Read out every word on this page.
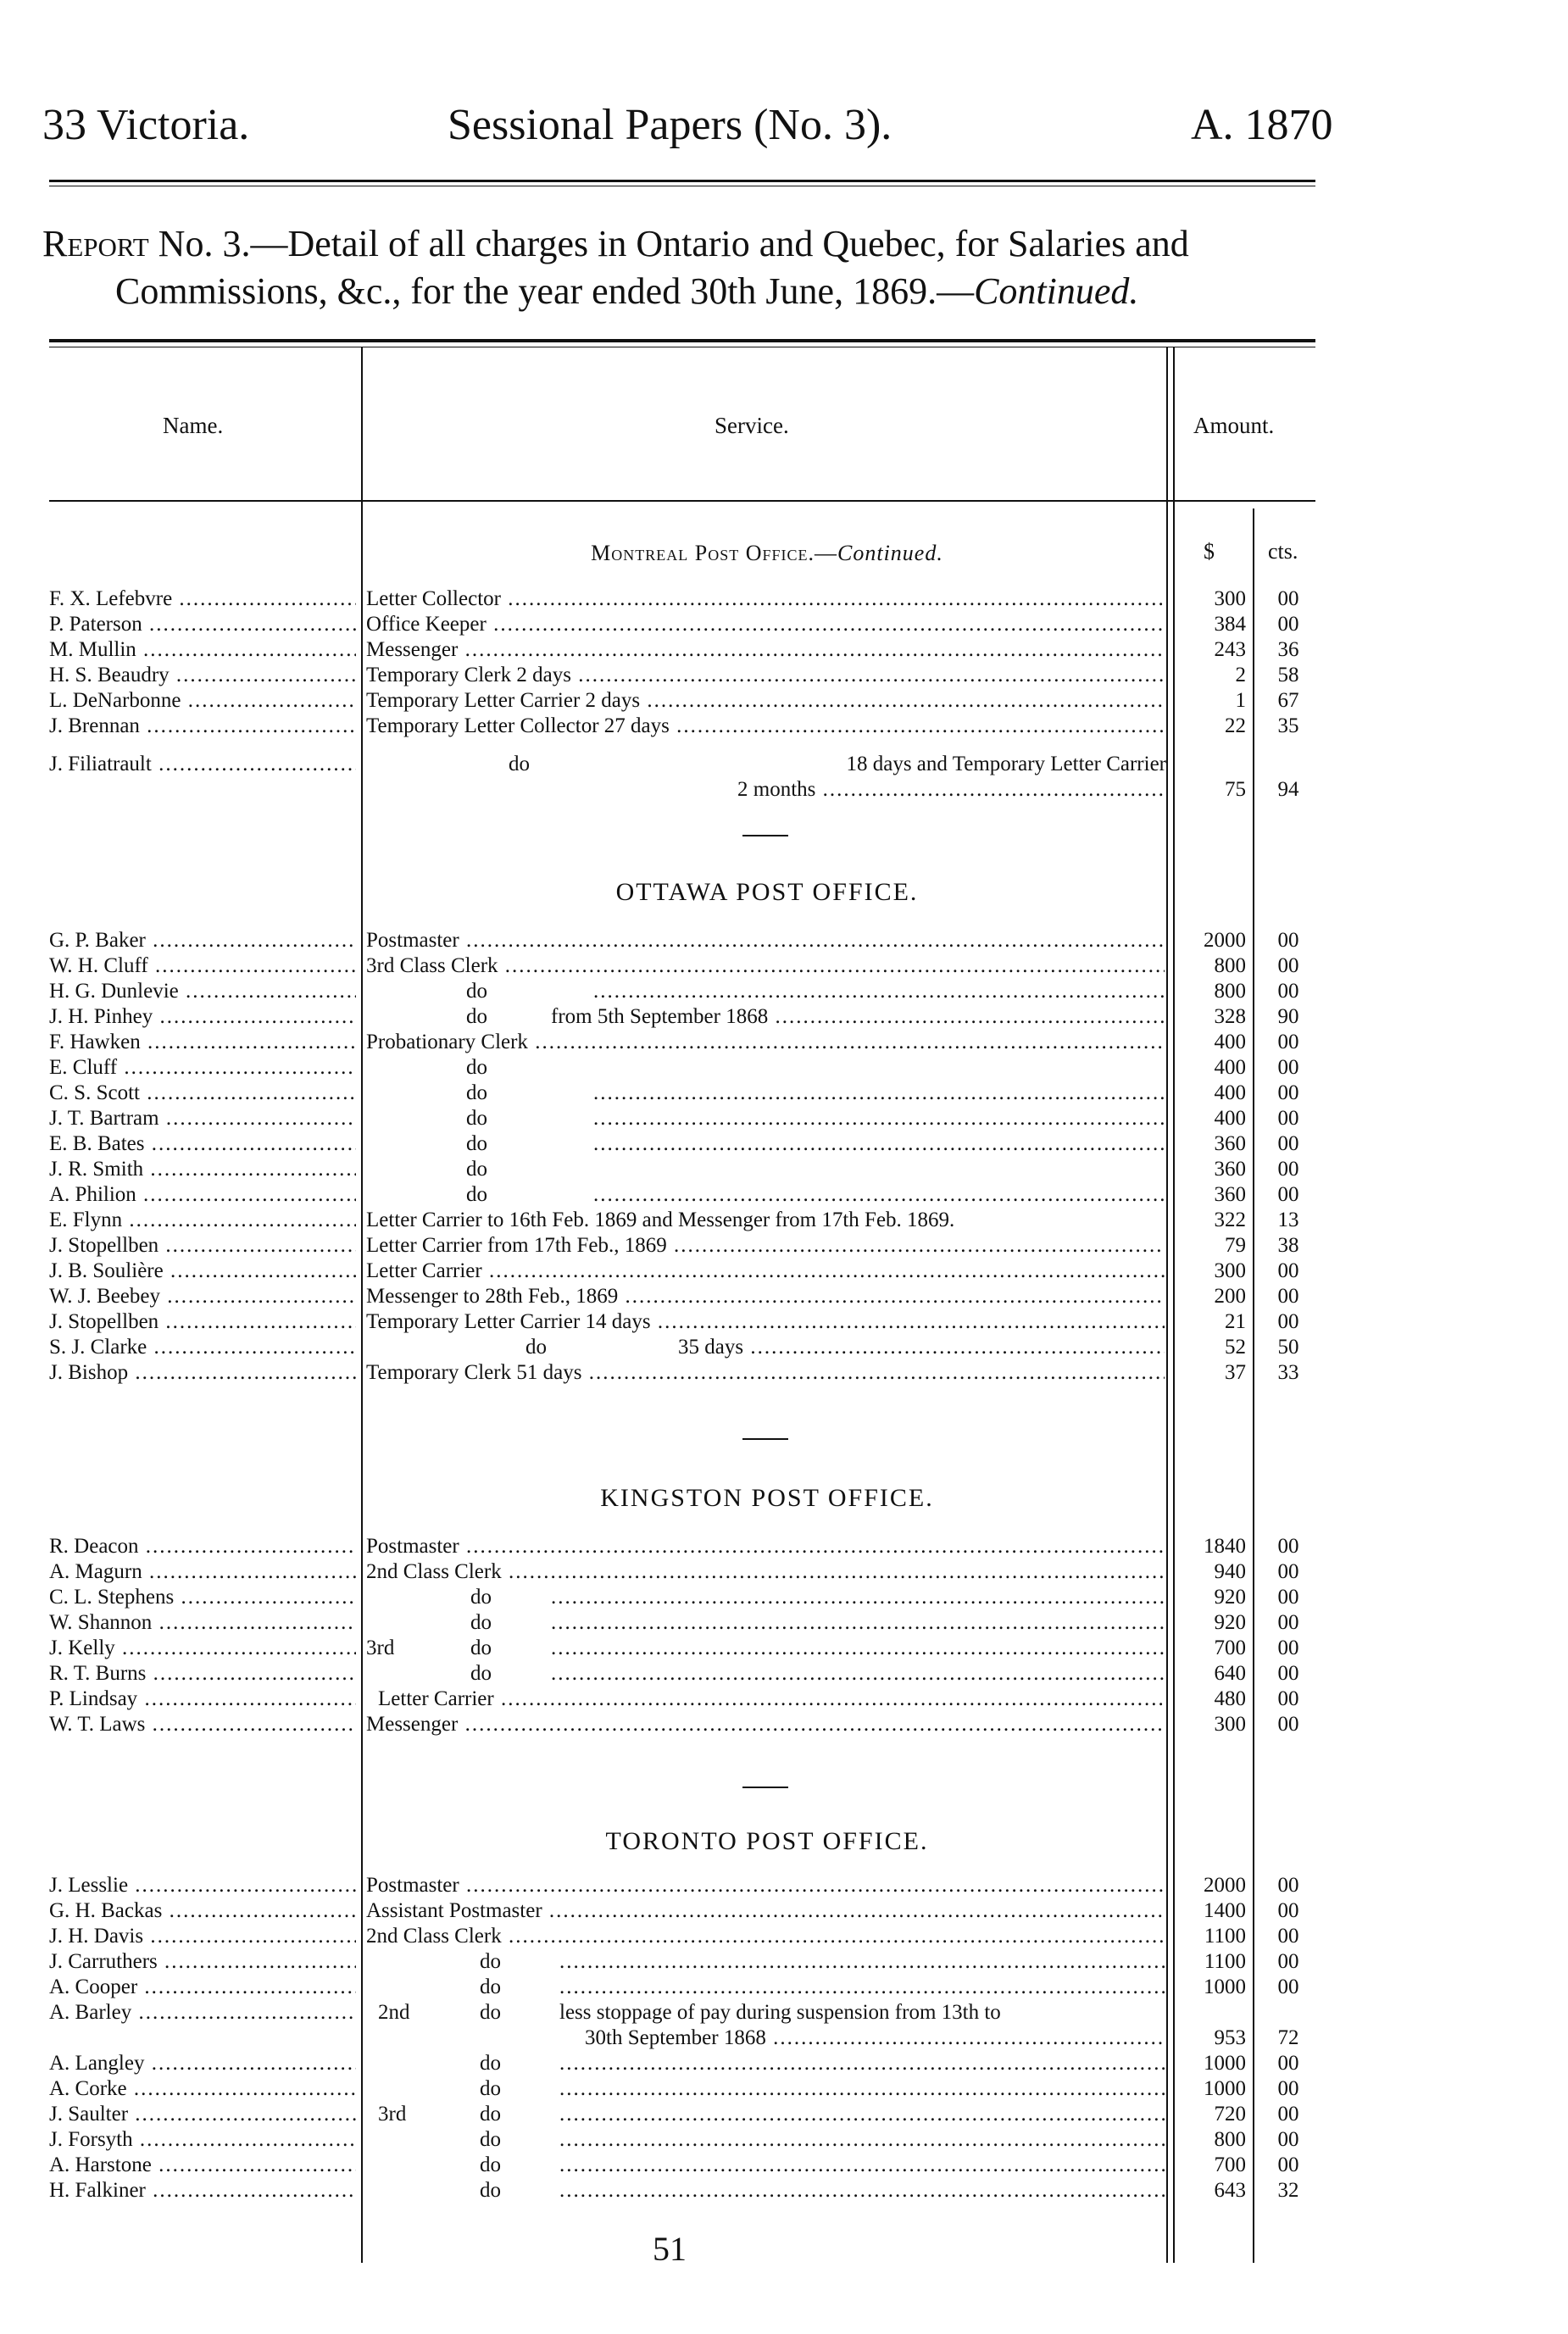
33 Victoria.	Sessional Papers (No. 3).	A. 1870
Report No. 3.—Detail of all charges in Ontario and Quebec, for Salaries and
Commissions, &c., for the year ended 30th June, 1869.—Continued.
Name.	Service.	Amount.
$ cts.
Montreal Post Office.—Continued.
F. X. Lefebvre .....	Letter Collector .....	300	00
P. Paterson .....	Office Keeper .....	384	00
M. Mullin .....	Messenger .....	243	36
H. S. Beaudry .....	Temporary Clerk 2 days .....	2	58
L. DeNarbonne .....	Temporary Letter Carrier 2 days .....	1	67
J. Brennan .....	Temporary Letter Collector 27 days .....	22	35
J. Filiatrault .....	do	18 days and Temporary Letter Carrier
2 months .....	75	94
OTTAWA POST OFFICE.
G. P. Baker .....	Postmaster .....	2000	00
W. H. Cluff .....	3rd Class Clerk .....	800	00
H. G. Dunlevie .....	do .....	800	00
J. H. Pinhey .....	do	from 5th September 1868 .....	328	90
F. Hawken .....	Probationary Clerk .....	400	00
E. Cluff .....	do	400	00
C. S. Scott .....	do .....	400	00
J. T. Bartram .....	do .....	400	00
E. B. Bates .....	do .....	360	00
J. R. Smith .....	do	360	00
A. Philion .....	do .....	360	00
E. Flynn .....	Letter Carrier to 16th Feb. 1869 and Messenger from 17th Feb. 1869.	322	13
J. Stopellben .....	Letter Carrier from 17th Feb., 1869 .....	79	38
J. B. Soulière .....	Letter Carrier .....	300	00
W. J. Beebey .....	Messenger to 28th Feb., 1869 .....	200	00
J. Stopellben .....	Temporary Letter Carrier 14 days .....	21	00
S. J. Clarke .....	do	35 days .....	52	50
J. Bishop .....	Temporary Clerk 51 days .....	37	33
KINGSTON POST OFFICE.
R. Deacon .....	Postmaster .....	1840	00
A. Magurn .....	2nd Class Clerk .....	940	00
C. L. Stephens .....	do .....	920	00
W. Shannon .....	do .....	920	00
J. Kelly .....	3rd	do .....	700	00
R. T. Burns .....	do .....	640	00
P. Lindsay .....	Letter Carrier .....	480	00
W. T. Laws .....	Messenger .....	300	00
TORONTO POST OFFICE.
J. Lesslie .....	Postmaster .....	2000	00
G. H. Backas .....	Assistant Postmaster .....	1400	00
J. H. Davis .....	2nd Class Clerk .....	1100	00
J. Carruthers .....	do .....	1100	00
A. Cooper .....	do .....	1000	00
A. Barley .....	2nd	do	less stoppage of pay during suspension from 13th to
30th September 1868 .....	953	72
A. Langley .....	do .....	1000	00
A. Corke .....	do .....	1000	00
J. Saulter .....	3rd	do .....	720	00
J. Forsyth .....	do .....	800	00
A. Harstone .....	do .....	700	00
H. Falkiner .....	do .....	643	32
51
